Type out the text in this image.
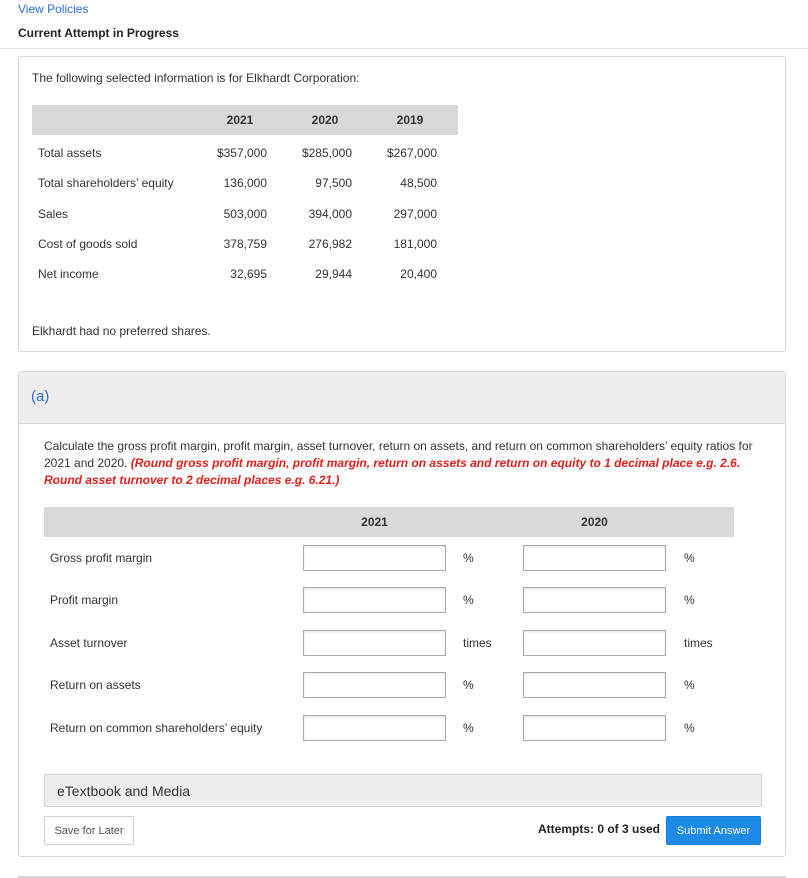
View Policies
Current Attempt in Progress
The following selected information is for Elkhardt Corporation:
2021	2020	2019
Total assets	$357,000	$285,000	$267,000
Total shareholders’ equity	136,000	97,500	48,500
Sales	503,000	394,000	297,000
Cost of goods sold	378,759	276,982	181,000
Net income	32,695	29,944	20,400
Elkhardt had no preferred shares.
(a)
Calculate the gross profit margin, profit margin, asset turnover, return on assets, and return on common shareholders’ equity ratios for 2021 and 2020. (Round gross profit margin, profit margin, return on assets and return on equity to 1 decimal place e.g. 2.6. Round asset turnover to 2 decimal places e.g. 6.21.)
2021	2020
Gross profit margin	%	%
Profit margin	%	%
Asset turnover	times	times
Return on assets	%	%
Return on common shareholders’ equity	%	%
eTextbook and Media
Save for Later	Attempts: 0 of 3 used	Submit Answer
